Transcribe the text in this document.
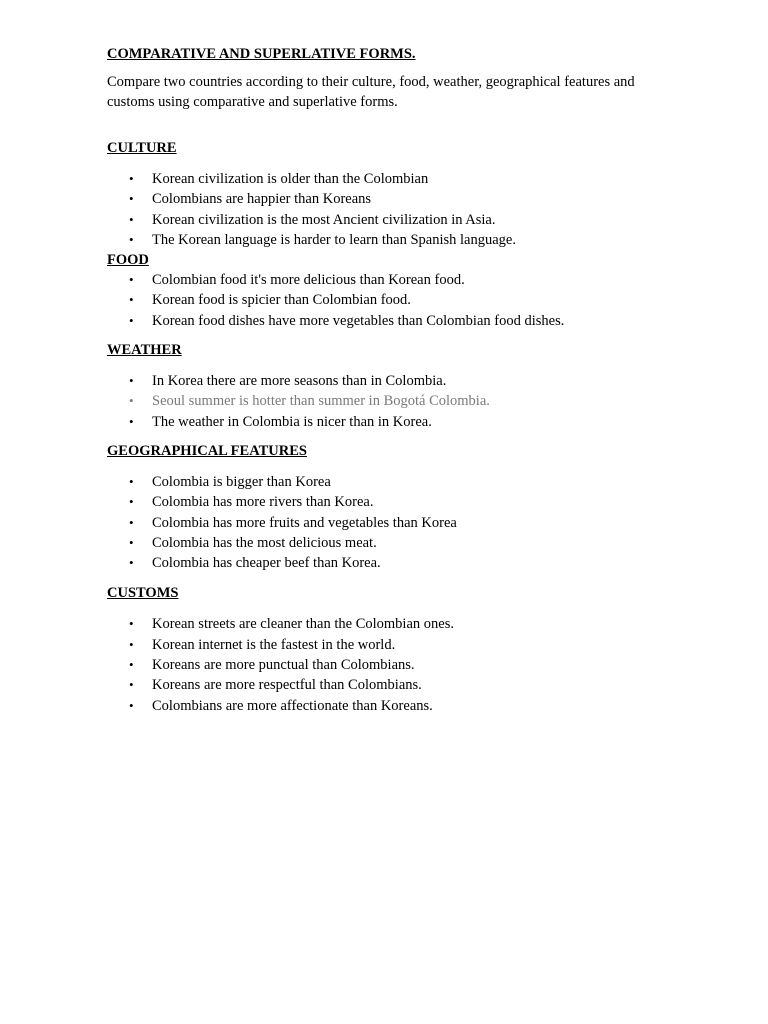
COMPARATIVE AND SUPERLATIVE FORMS.

Compare two countries according to their culture, food, weather, geographical features and customs using comparative and superlative forms.

CULTURE

• Korean civilization is older than the Colombian
• Colombians are happier than Koreans
• Korean civilization is the most Ancient civilization in Asia.
• The Korean language is harder to learn than Spanish language.

FOOD

• Colombian food it's more delicious than Korean food.
• Korean food is spicier than Colombian food.
• Korean food dishes have more vegetables than Colombian food dishes.

WEATHER

• In Korea there are more seasons than in Colombia.
• Seoul summer is hotter than summer in Bogotá Colombia.
• The weather in Colombia is nicer than in Korea.

GEOGRAPHICAL FEATURES

• Colombia is bigger than Korea
• Colombia has more rivers than Korea.
• Colombia has more fruits and vegetables than Korea
• Colombia has the most delicious meat.
• Colombia has cheaper beef than Korea.

CUSTOMS

• Korean streets are cleaner than the Colombian ones.
• Korean internet is the fastest in the world.
• Koreans are more punctual than Colombians.
• Koreans are more respectful than Colombians.
• Colombians are more affectionate than Koreans.
